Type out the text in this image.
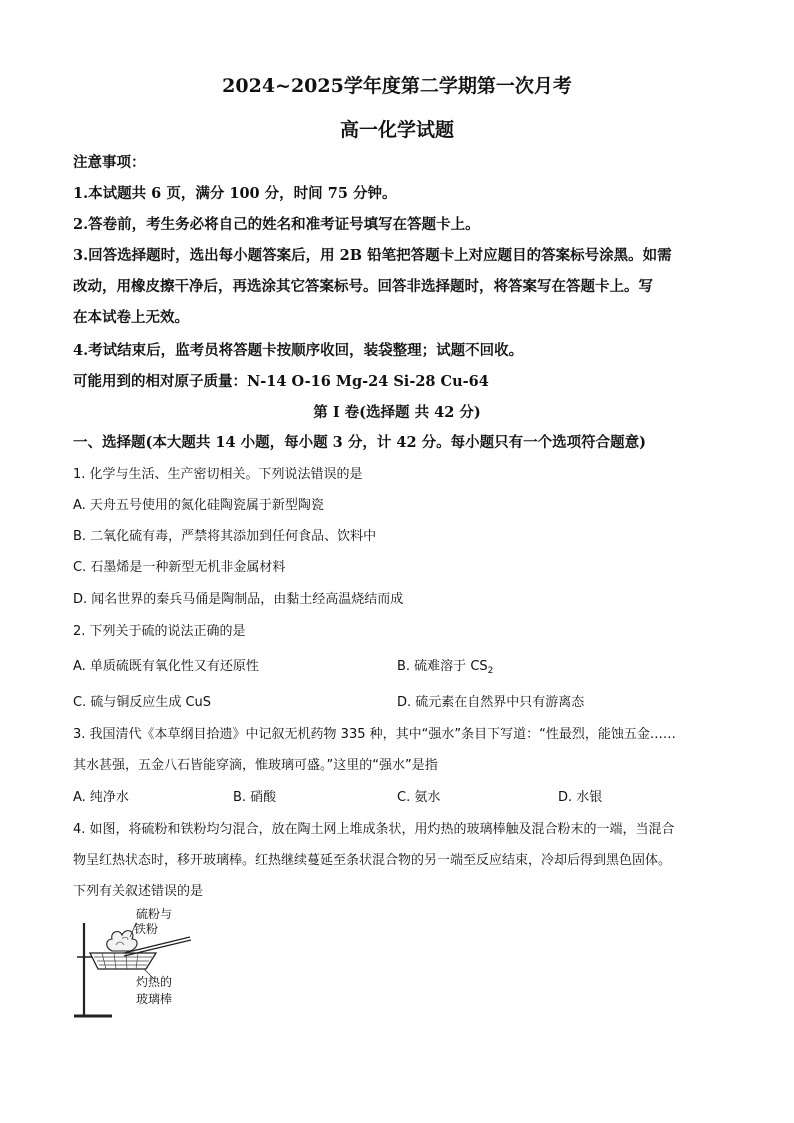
2024~2025学年度第二学期第一次月考
高一化学试题
注意事项：
1.本试题共 6 页，满分 100 分，时间 75 分钟。
2.答卷前，考生务必将自己的姓名和准考证号填写在答题卡上。
3.回答选择题时，选出每小题答案后，用 2B 铅笔把答题卡上对应题目的答案标号涂黑。如需
改动，用橡皮擦干净后，再选涂其它答案标号。回答非选择题时，将答案写在答题卡上。写
在本试卷上无效。
4.考试结束后，监考员将答题卡按顺序收回，装袋整理；试题不回收。
可能用到的相对原子质量：N-14 O-16 Mg-24 Si-28 Cu-64
第 I 卷(选择题 共 42 分)
一、选择题(本大题共 14 小题，每小题 3 分，计 42 分。每小题只有一个选项符合题意)
1. 化学与生活、生产密切相关。下列说法错误的是
A. 天舟五号使用的氮化硅陶瓷属于新型陶瓷
B. 二氧化硫有毒，严禁将其添加到任何食品、饮料中
C. 石墨烯是一种新型无机非金属材料
D. 闻名世界的秦兵马俑是陶制品，由黏土经高温烧结而成
2. 下列关于硫的说法正确的是
A. 单质硫既有氧化性又有还原性	B. 硫难溶于 $CS_2$
C. 硫与铜反应生成 CuS	D. 硫元素在自然界中只有游离态
3. 我国清代《本草纲目拾遗》中记叙无机药物 335 种，其中“强水”条目下写道：“性最烈，能蚀五金……
其水甚强，五金八石皆能穿滴，惟玻璃可盛。”这里的“强水”是指
A. 纯净水	B. 硝酸	C. 氨水	D. 水银
4. 如图，将硫粉和铁粉均匀混合，放在陶土网上堆成条状，用灼热的玻璃棒触及混合粉末的一端，当混合
物呈红热状态时，移开玻璃棒。红热继续蔓延至条状混合物的另一端至反应结束，冷却后得到黑色固体。
下列有关叙述错误的是
硫粉与
铁粉
灼热的
玻璃棒
